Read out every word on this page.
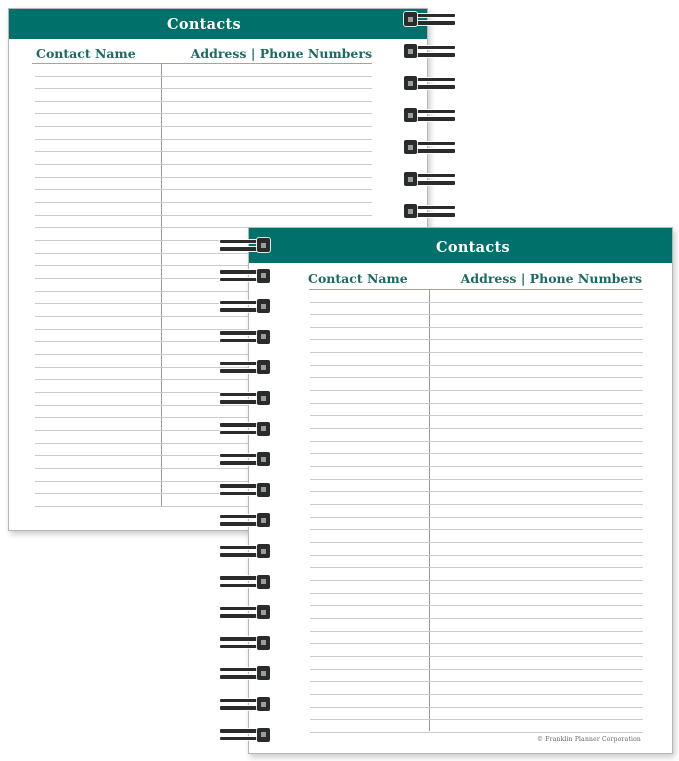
Contacts
Contact Name	Address | Phone Numbers
Contacts
Contact Name	Address | Phone Numbers
© Franklin Planner Corporation
